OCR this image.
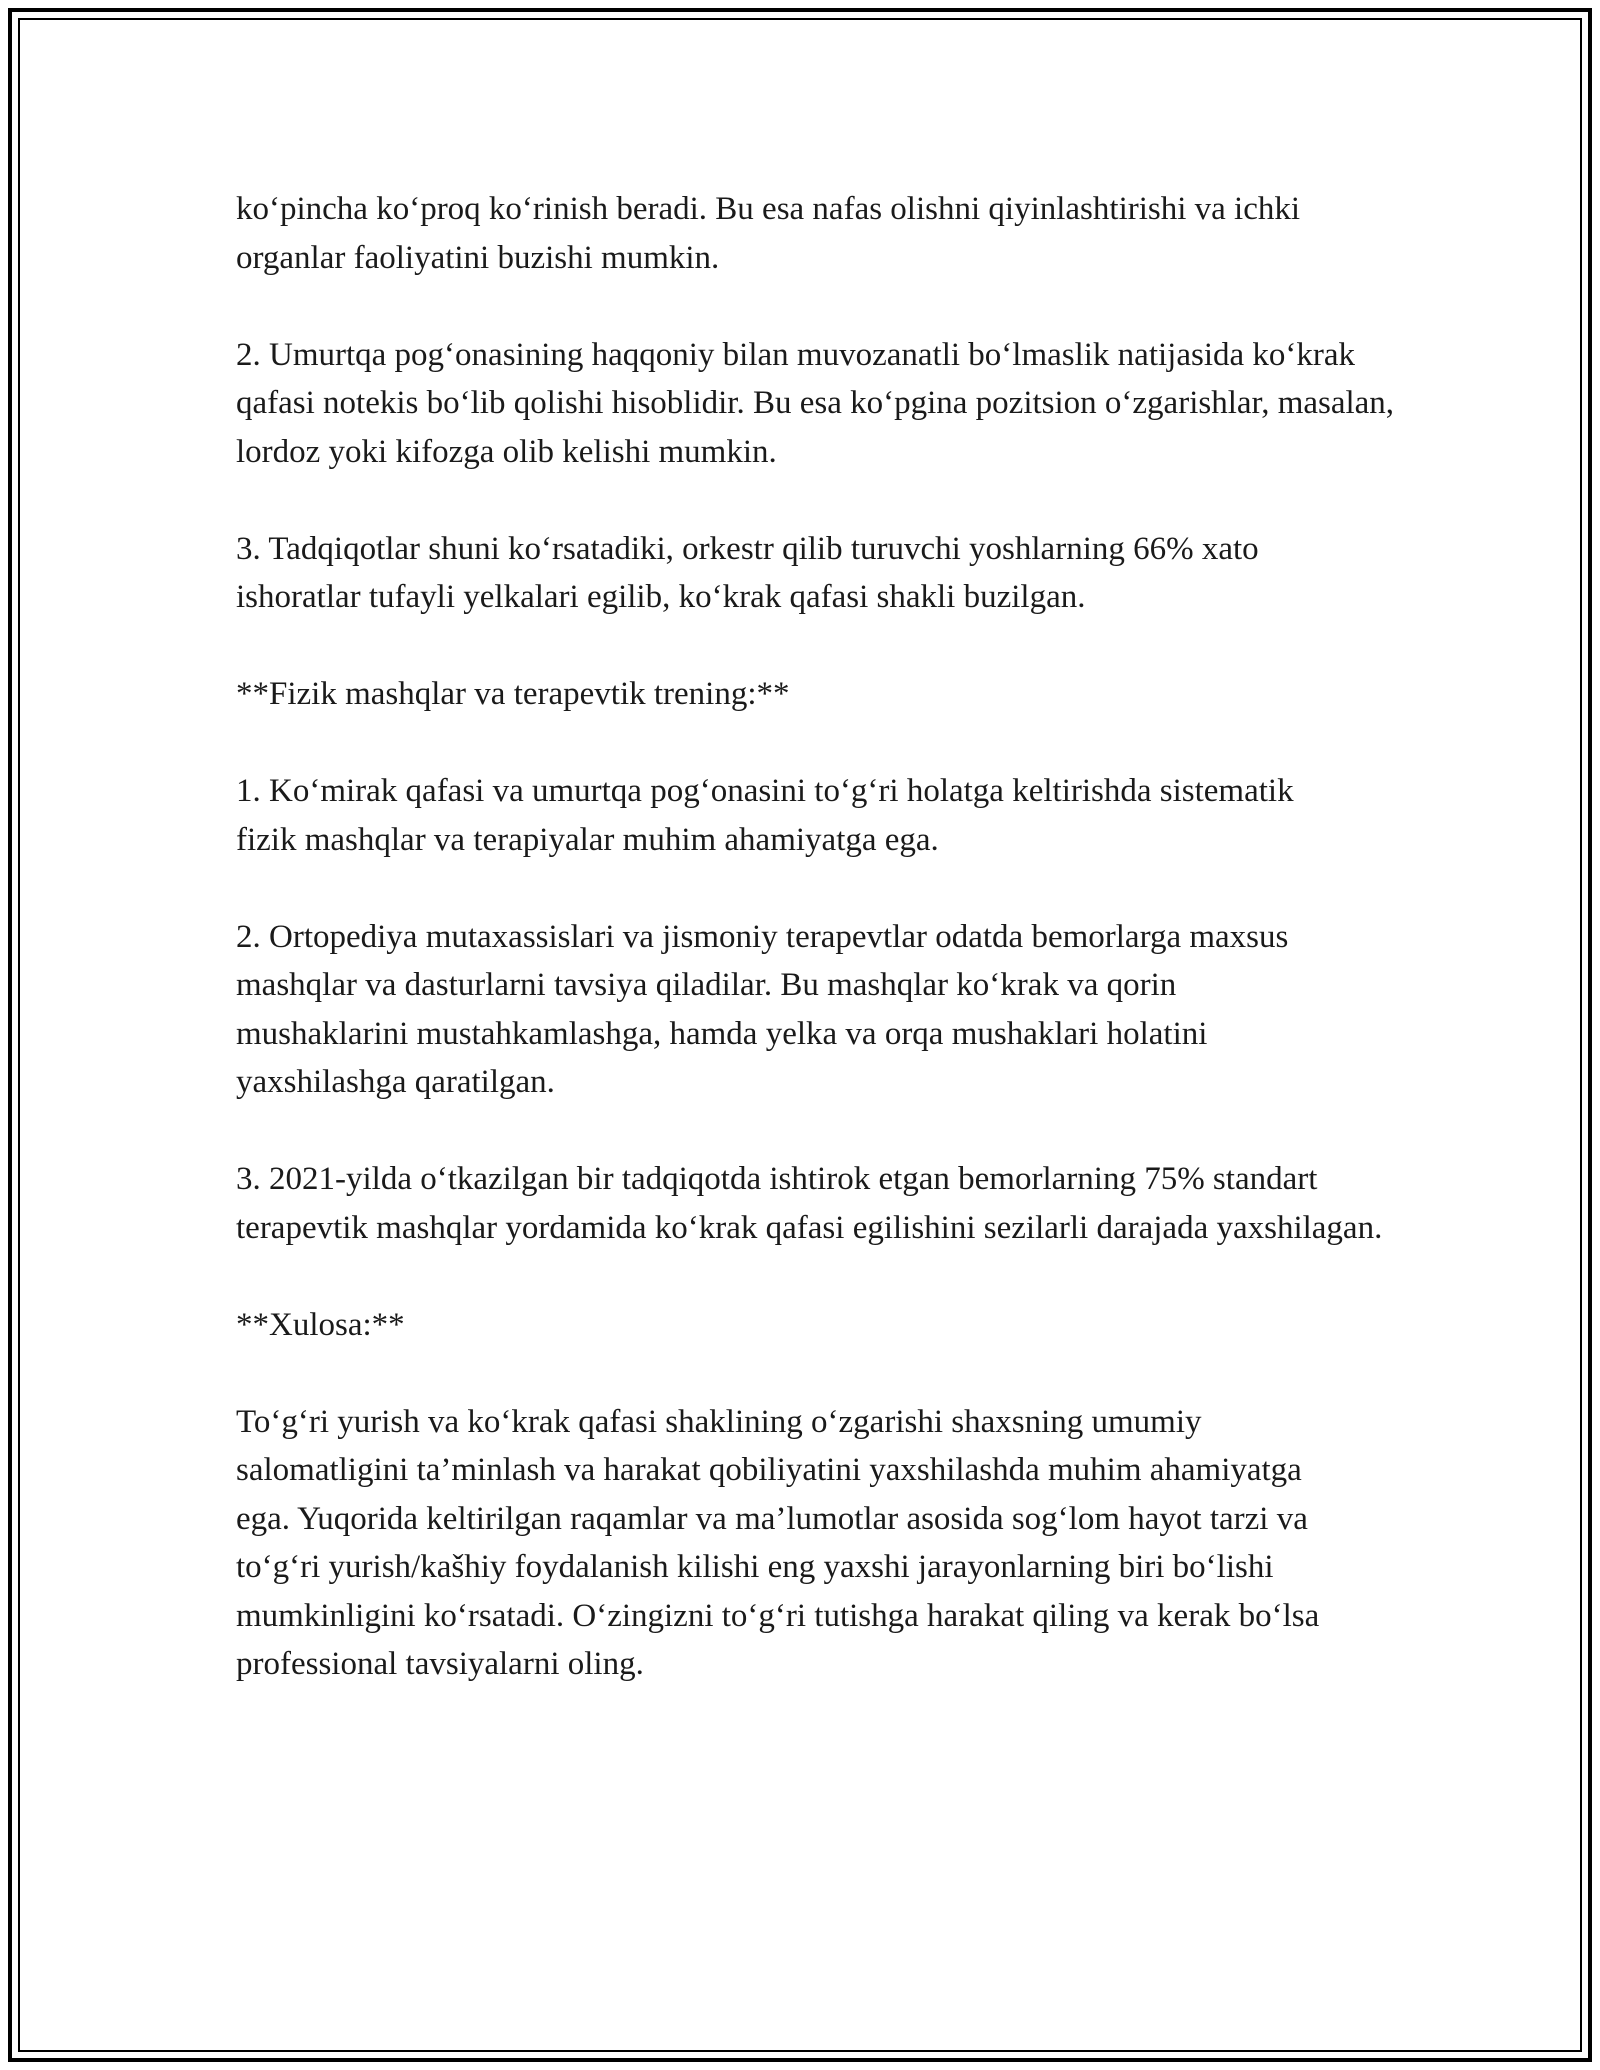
ko‘pincha ko‘proq ko‘rinish beradi. Bu esa nafas olishni qiyinlashtirishi va ichki organlar faoliyatini buzishi mumkin.

2. Umurtqa pog‘onasining haqqoniy bilan muvozanatli bo‘lmaslik natijasida ko‘krak qafasi notekis bo‘lib qolishi hisoblidir. Bu esa ko‘pgina pozitsion o‘zgarishlar, masalan, lordoz yoki kifozga olib kelishi mumkin.

3. Tadqiqotlar shuni ko‘rsatadiki, orkestr qilib turuvchi yoshlarning 66% xato ishoratlar tufayli yelkalari egilib, ko‘krak qafasi shakli buzilgan.

**Fizik mashqlar va terapevtik trening:**

1. Ko‘mirak qafasi va umurtqa pog‘onasini to‘g‘ri holatga keltirishda sistematik fizik mashqlar va terapiyalar muhim ahamiyatga ega.

2. Ortopediya mutaxassislari va jismoniy terapevtlar odatda bemorlarga maxsus mashqlar va dasturlarni tavsiya qiladilar. Bu mashqlar ko‘krak va qorin mushaklarini mustahkamlashga, hamda yelka va orqa mushaklari holatini yaxshilashga qaratilgan.

3. 2021-yilda o‘tkazilgan bir tadqiqotda ishtirok etgan bemorlarning 75% standart terapevtik mashqlar yordamida ko‘krak qafasi egilishini sezilarli darajada yaxshilagan.

**Xulosa:**

To‘g‘ri yurish va ko‘krak qafasi shaklining o‘zgarishi shaxsning umumiy salomatligini ta’minlash va harakat qobiliyatini yaxshilashda muhim ahamiyatga ega. Yuqorida keltirilgan raqamlar va ma’lumotlar asosida sog‘lom hayot tarzi va to‘g‘ri yurish/kašhiy foydalanish kilishi eng yaxshi jarayonlarning biri bo‘lishi mumkinligini ko‘rsatadi. O‘zingizni to‘g‘ri tutishga harakat qiling va kerak bo‘lsa professional tavsiyalarni oling.
